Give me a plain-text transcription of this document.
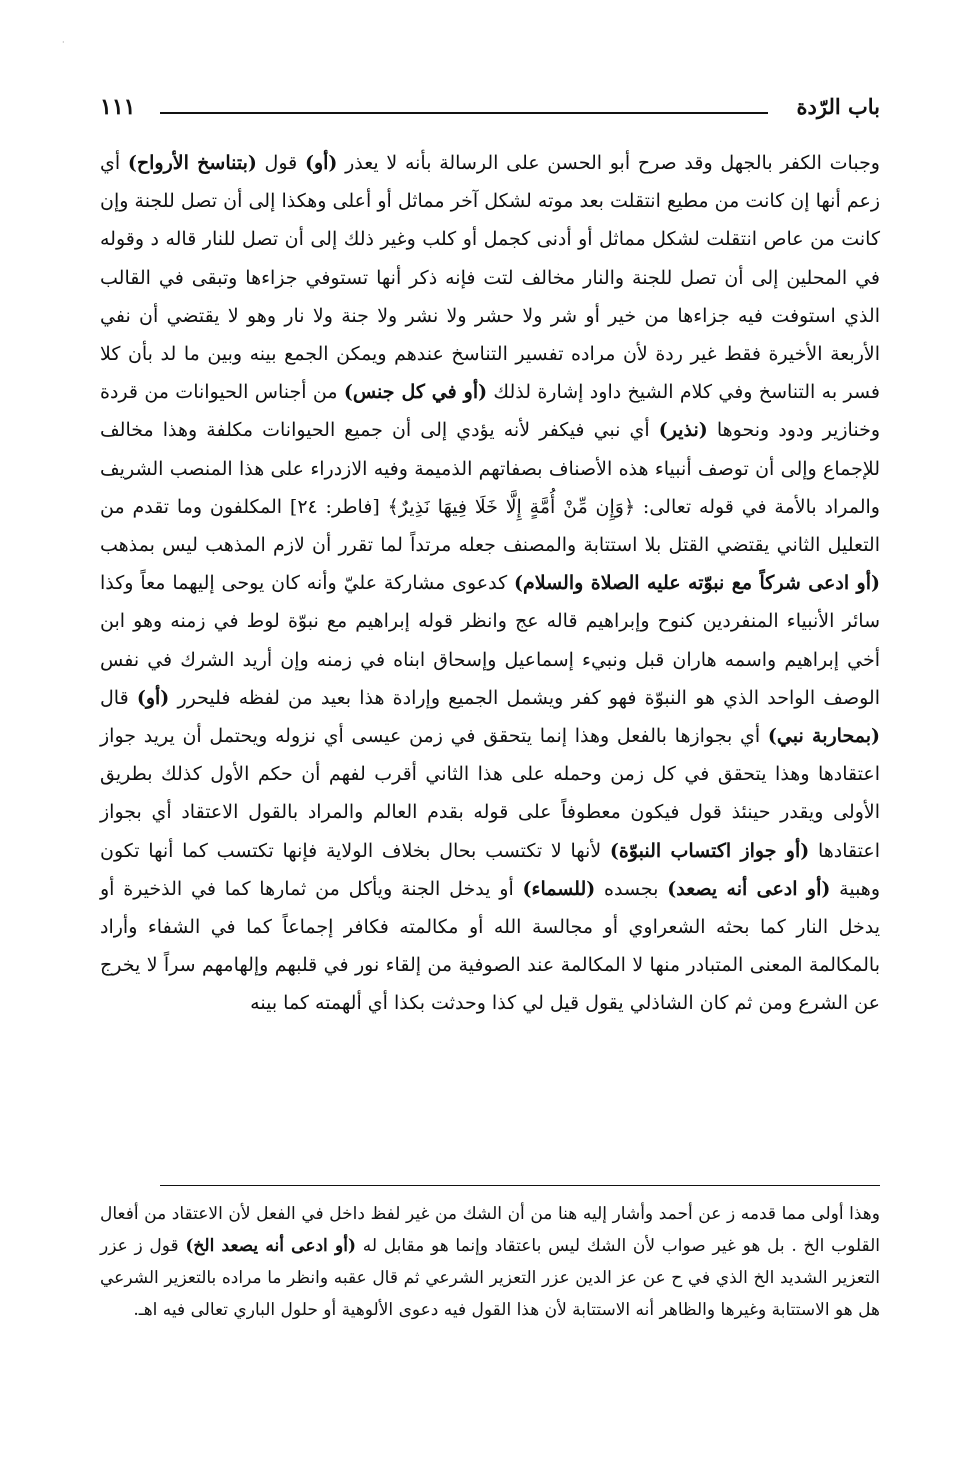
·
باب الرّدة
١١١

وجبات الكفر بالجهل وقد صرح أبو الحسن على الرسالة بأنه لا يعذر (أو) قول (بتناسخ الأرواح) أي زعم أنها إن كانت من مطيع انتقلت بعد موته لشكل آخر مماثل أو أعلى وهكذا إلى أن تصل للجنة وإن كانت من عاص انتقلت لشكل مماثل أو أدنى كجمل أو كلب وغير ذلك إلى أن تصل للنار قاله د وقوله في المحلين إلى أن تصل للجنة والنار مخالف لتت فإنه ذكر أنها تستوفي جزاءها وتبقى في القالب الذي استوفت فيه جزاءها من خير أو شر ولا حشر ولا نشر ولا جنة ولا نار وهو لا يقتضي أن نفي الأربعة الأخيرة فقط غير ردة لأن مراده تفسير التناسخ عندهم ويمكن الجمع بينه وبين ما لد بأن كلا فسر به التناسخ وفي كلام الشيخ داود إشارة لذلك (أو في كل جنس) من أجناس الحيوانات من قردة وخنازير ودود ونحوها (نذير) أي نبي فيكفر لأنه يؤدي إلى أن جميع الحيوانات مكلفة وهذا مخالف للإجماع وإلى أن توصف أنبياء هذه الأصناف بصفاتهم الذميمة وفيه الازدراء على هذا المنصب الشريف والمراد بالأمة في قوله تعالى: ﴿وَإِن مِّنْ أُمَّةٍ إِلَّا خَلَا فِيهَا نَذِيرٌ﴾ [فاطر: ٢٤] المكلفون وما تقدم من التعليل الثاني يقتضي القتل بلا استتابة والمصنف جعله مرتداً لما تقرر أن لازم المذهب ليس بمذهب (أو ادعى شركاً مع نبوّته عليه الصلاة والسلام) كدعوى مشاركة عليّ وأنه كان يوحى إليهما معاً وكذا سائر الأنبياء المنفردين كنوح وإبراهيم قاله عج وانظر قوله إبراهيم مع نبوّة لوط في زمنه وهو ابن أخي إبراهيم واسمه هاران قبل ونبيء إسماعيل وإسحاق ابناه في زمنه وإن أريد الشرك في نفس الوصف الواحد الذي هو النبوّة فهو كفر ويشمل الجميع وإرادة هذا بعيد من لفظه فليحرر (أو) قال (بمحاربة نبي) أي بجوازها بالفعل وهذا إنما يتحقق في زمن عيسى أي نزوله ويحتمل أن يريد جواز اعتقادها وهذا يتحقق في كل زمن وحمله على هذا الثاني أقرب لفهم أن حكم الأول كذلك بطريق الأولى ويقدر حينئذ قول فيكون معطوفاً على قوله بقدم العالم والمراد بالقول الاعتقاد أي بجواز اعتقادها (أو جواز اكتساب النبوّة) لأنها لا تكتسب بحال بخلاف الولاية فإنها تكتسب كما أنها تكون وهبية (أو ادعى أنه يصعد) بجسده (للسماء) أو يدخل الجنة ويأكل من ثمارها كما في الذخيرة أو يدخل النار كما بحثه الشعراوي أو مجالسة الله أو مكالمته فكافر إجماعاً كما في الشفاء وأراد بالمكالمة المعنى المتبادر منها لا المكالمة عند الصوفية من إلقاء نور في قلبهم وإلهامهم سراً لا يخرج عن الشرع ومن ثم كان الشاذلي يقول قيل لي كذا وحدثت بكذا أي ألهمته كما بينه

وهذا أولى مما قدمه ز عن أحمد وأشار إليه هنا من أن الشك من غير لفظ داخل في الفعل لأن الاعتقاد من أفعال القلوب الخ . بل هو غير صواب لأن الشك ليس باعتقاد وإنما هو مقابل له (أو ادعى أنه يصعد الخ) قول ز عزر التعزير الشديد الخ الذي في ح عن عز الدين عزر التعزير الشرعي ثم قال عقبه وانظر ما مراده بالتعزير الشرعي هل هو الاستتابة وغيرها والظاهر أنه الاستتابة لأن هذا القول فيه دعوى الألوهية أو حلول الباري تعالى فيه اهـ.
